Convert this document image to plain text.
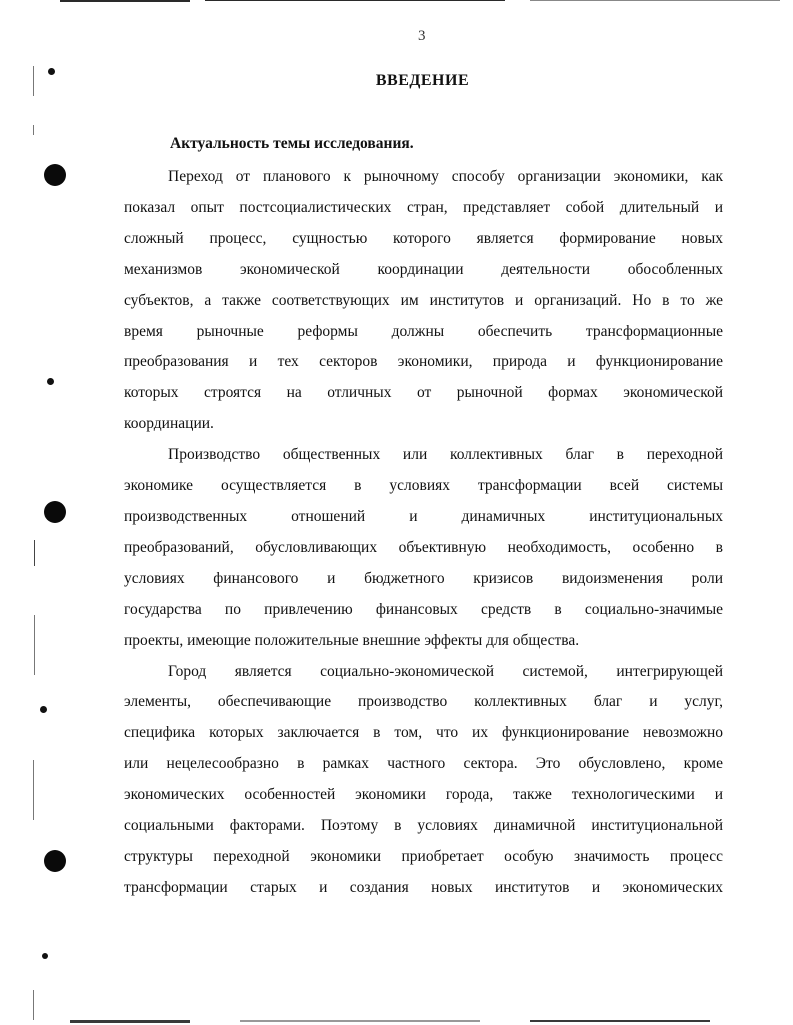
3
ВВЕДЕНИЕ
Актуальность темы исследования.

Переход от планового к рыночному способу организации экономики, как
показал опыт постсоциалистических стран, представляет собой длительный и
сложный процесс, сущностью которого является формирование новых
механизмов экономической координации деятельности обособленных
субъектов, а также соответствующих им институтов и организаций. Но в то же
время рыночные реформы должны обеспечить трансформационные
преобразования и тех секторов экономики, природа и функционирование
которых строятся на отличных от рыночной формах экономической
координации.

Производство общественных или коллективных благ в переходной
экономике осуществляется в условиях трансформации всей системы
производственных отношений и динамичных институциональных
преобразований, обусловливающих объективную необходимость, особенно в
условиях финансового и бюджетного кризисов видоизменения роли
государства по привлечению финансовых средств в социально-значимые
проекты, имеющие положительные внешние эффекты для общества.

Город является социально-экономической системой, интегрирующей
элементы, обеспечивающие производство коллективных благ и услуг,
специфика которых заключается в том, что их функционирование невозможно
или нецелесообразно в рамках частного сектора. Это обусловлено, кроме
экономических особенностей экономики города, также технологическими и
социальными факторами. Поэтому в условиях динамичной институциональной
структуры переходной экономики приобретает особую значимость процесс
трансформации старых и создания новых институтов и экономических
